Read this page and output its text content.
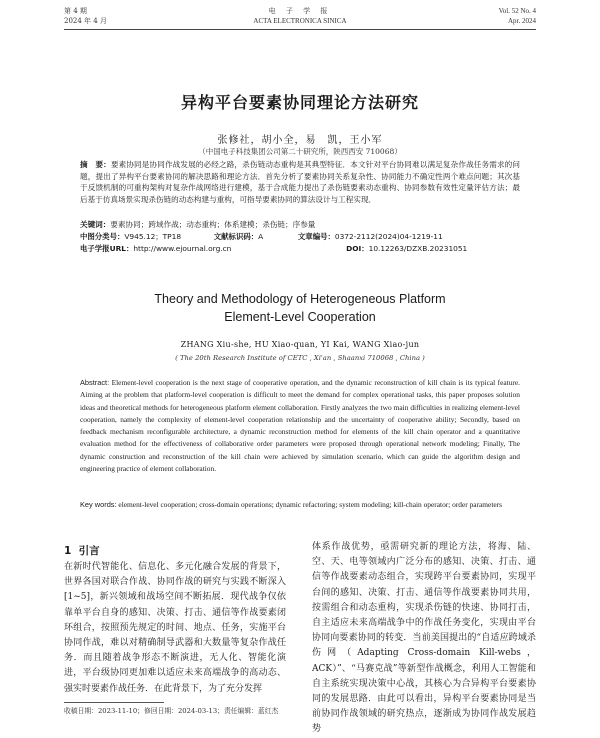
第 4 期
2024 年 4 月
电 子 学 报
ACTA ELECTRONICA SINICA
Vol. 52 No. 4
Apr. 2024
异构平台要素协同理论方法研究
张修社，胡小全，易　凯，王小军
（中国电子科技集团公司第二十研究所，陕西西安 710068）
摘　要：要素协同是协同作战发展的必经之路，杀伤链动态重构是其典型特征．本文针对平台协同难以满足复杂作战任务需求的问题，提出了异构平台要素协同的解决思路和理论方法．首先分析了要素协同关系复杂性、协同能力不确定性两个难点问题；其次基于反馈机制的可重构架构对复杂作战网络进行建模，基于合成能力提出了杀伤链要素动态重构、协同参数有效性定量评估方法；最后基于仿真场景实现杀伤链的动态构建与重构，可指导要素协同的算法设计与工程实现．
关键词：要素协同；跨域作战；动态重构；体系建模；杀伤链；序参量
中图分类号：V945.12；TP18	文献标识码：A	文章编号：0372-2112(2024)04-1219-11
电子学报URL：http://www.ejournal.org.cn	DOI：10.12263/DZXB.20231051
Theory and Methodology of Heterogeneous Platform
Element-Level Cooperation
ZHANG Xiu-she, HU Xiao-quan, YI Kai, WANG Xiao-jun
( The 20th Research Institute of CETC , Xi'an , Shaanxi 710068 , China )
Abstract: Element-level cooperation is the next stage of cooperative operation, and the dynamic reconstruction of kill chain is its typical feature. Aiming at the problem that platform-level cooperation is difficult to meet the demand for complex operational tasks, this paper proposes solution ideas and theoretical methods for heterogeneous platform element collaboration. Firstly analyzes the two main difficulties in realizing element-level cooperation, namely the complexity of element-level cooperation relationship and the uncertainty of cooperative ability; Secondly, based on feedback mechanism reconfigurable architecture, a dynamic reconstruction method for elements of the kill chain operator and a quantitative evaluation method for the effectiveness of collaborative order parameters were proposed through operational network modeling; Finally, The dynamic construction and reconstruction of the kill chain were achieved by simulation scenario, which can guide the algorithm design and engineering practice of element collaboration.
Key words: element-level cooperation; cross-domain operations; dynamic refactoring; system modeling; kill-chain operator; order parameters
1 引言
在新时代智能化、信息化、多元化融合发展的背景下，世界各国对联合作战、协同作战的研究与实践不断深入[1~5]，新兴领域和战场空间不断拓展．现代战争仅依靠单平台自身的感知、决策、打击、通信等作战要素闭环组合，按照预先规定的时间、地点、任务，实施平台协同作战，难以对精确制导武器和大数量等复杂作战任务．而且随着战争形态不断演进，无人化、智能化演进，平台级协同更加难以适应未来高端战争的高动态、强实时要素作战任务．在此背景下，为了充分发挥
体系作战优势，亟需研究新的理论方法，将海、陆、空、天、电等领域内广泛分布的感知、决策、打击、通信等作战要素动态组合，实现跨平台要素协同，实现平台间的感知、决策、打击、通信等作战要素协同共用，按需组合和动态重构，实现杀伤链的快速、协同打击，自主适应未来高端战争中的作战任务变化，实现由平台协同向要素协同的转变．当前美国提出的“自适应跨域杀伤网（Adapting Cross-domain Kill-webs，ACK）”、“马赛克战”等新型作战概念，利用人工智能和自主系统实现决策中心战，其核心为合异构平台要素协同的发展思路．由此可以看出，异构平台要素协同是当前协同作战领域的研究热点，逐渐成为协同作战发展趋势
收稿日期：2023-11-10；修回日期：2024-03-13；责任编辑：蓝红杰
